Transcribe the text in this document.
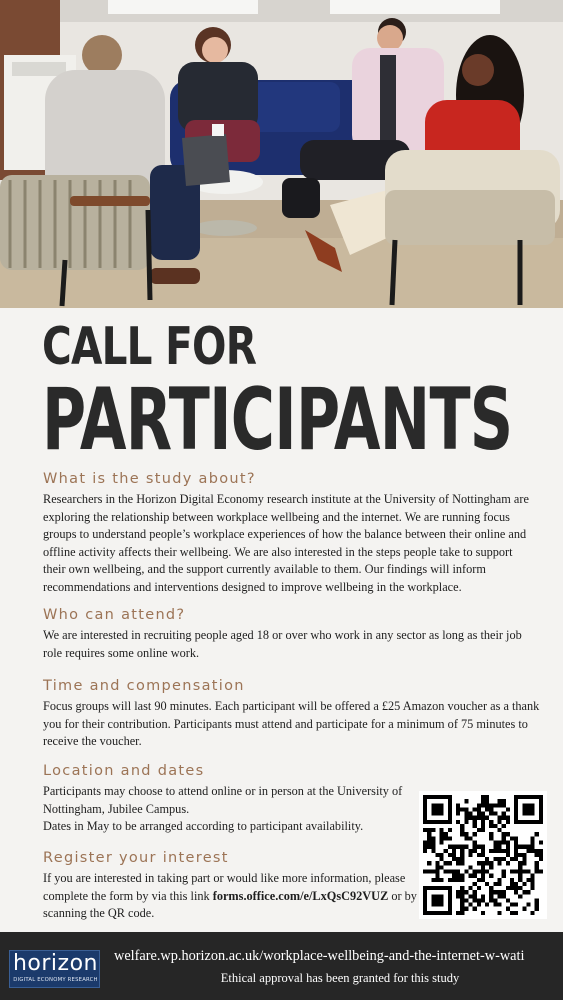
CALL FOR
PARTICIPANTS
What is the study about?

Researchers in the Horizon Digital Economy research institute at the University of Nottingham are exploring the relationship between workplace wellbeing and the internet. We are running focus groups to understand people’s workplace experiences of how the balance between their online and offline activity affects their wellbeing. We are also interested in the steps people take to support their own wellbeing, and the support currently available to them. Our findings will inform recommendations and interventions designed to improve wellbeing in the workplace.

Who can attend?

We are interested in recruiting people aged 18 or over who work in any sector as long as their job role requires some online work.

Time and compensation

Focus groups will last 90 minutes. Each participant will be offered a £25 Amazon voucher as a thank you for their contribution. Participants must attend and participate for a minimum of 75 minutes to receive the voucher.

Location and dates

Participants may choose to attend online or in person at the University of Nottingham, Jubilee Campus.

Dates in May to be arranged according to participant availability.

Register your interest

If you are interested in taking part or would like more information, please complete the form by via this link forms.office.com/e/LxQsC92VUZ or by scanning the QR code.

horizon
DIGITAL ECONOMY RESEARCH
welfare.wp.horizon.ac.uk/workplace-wellbeing-and-the-internet-w-wati
Ethical approval has been granted for this study
